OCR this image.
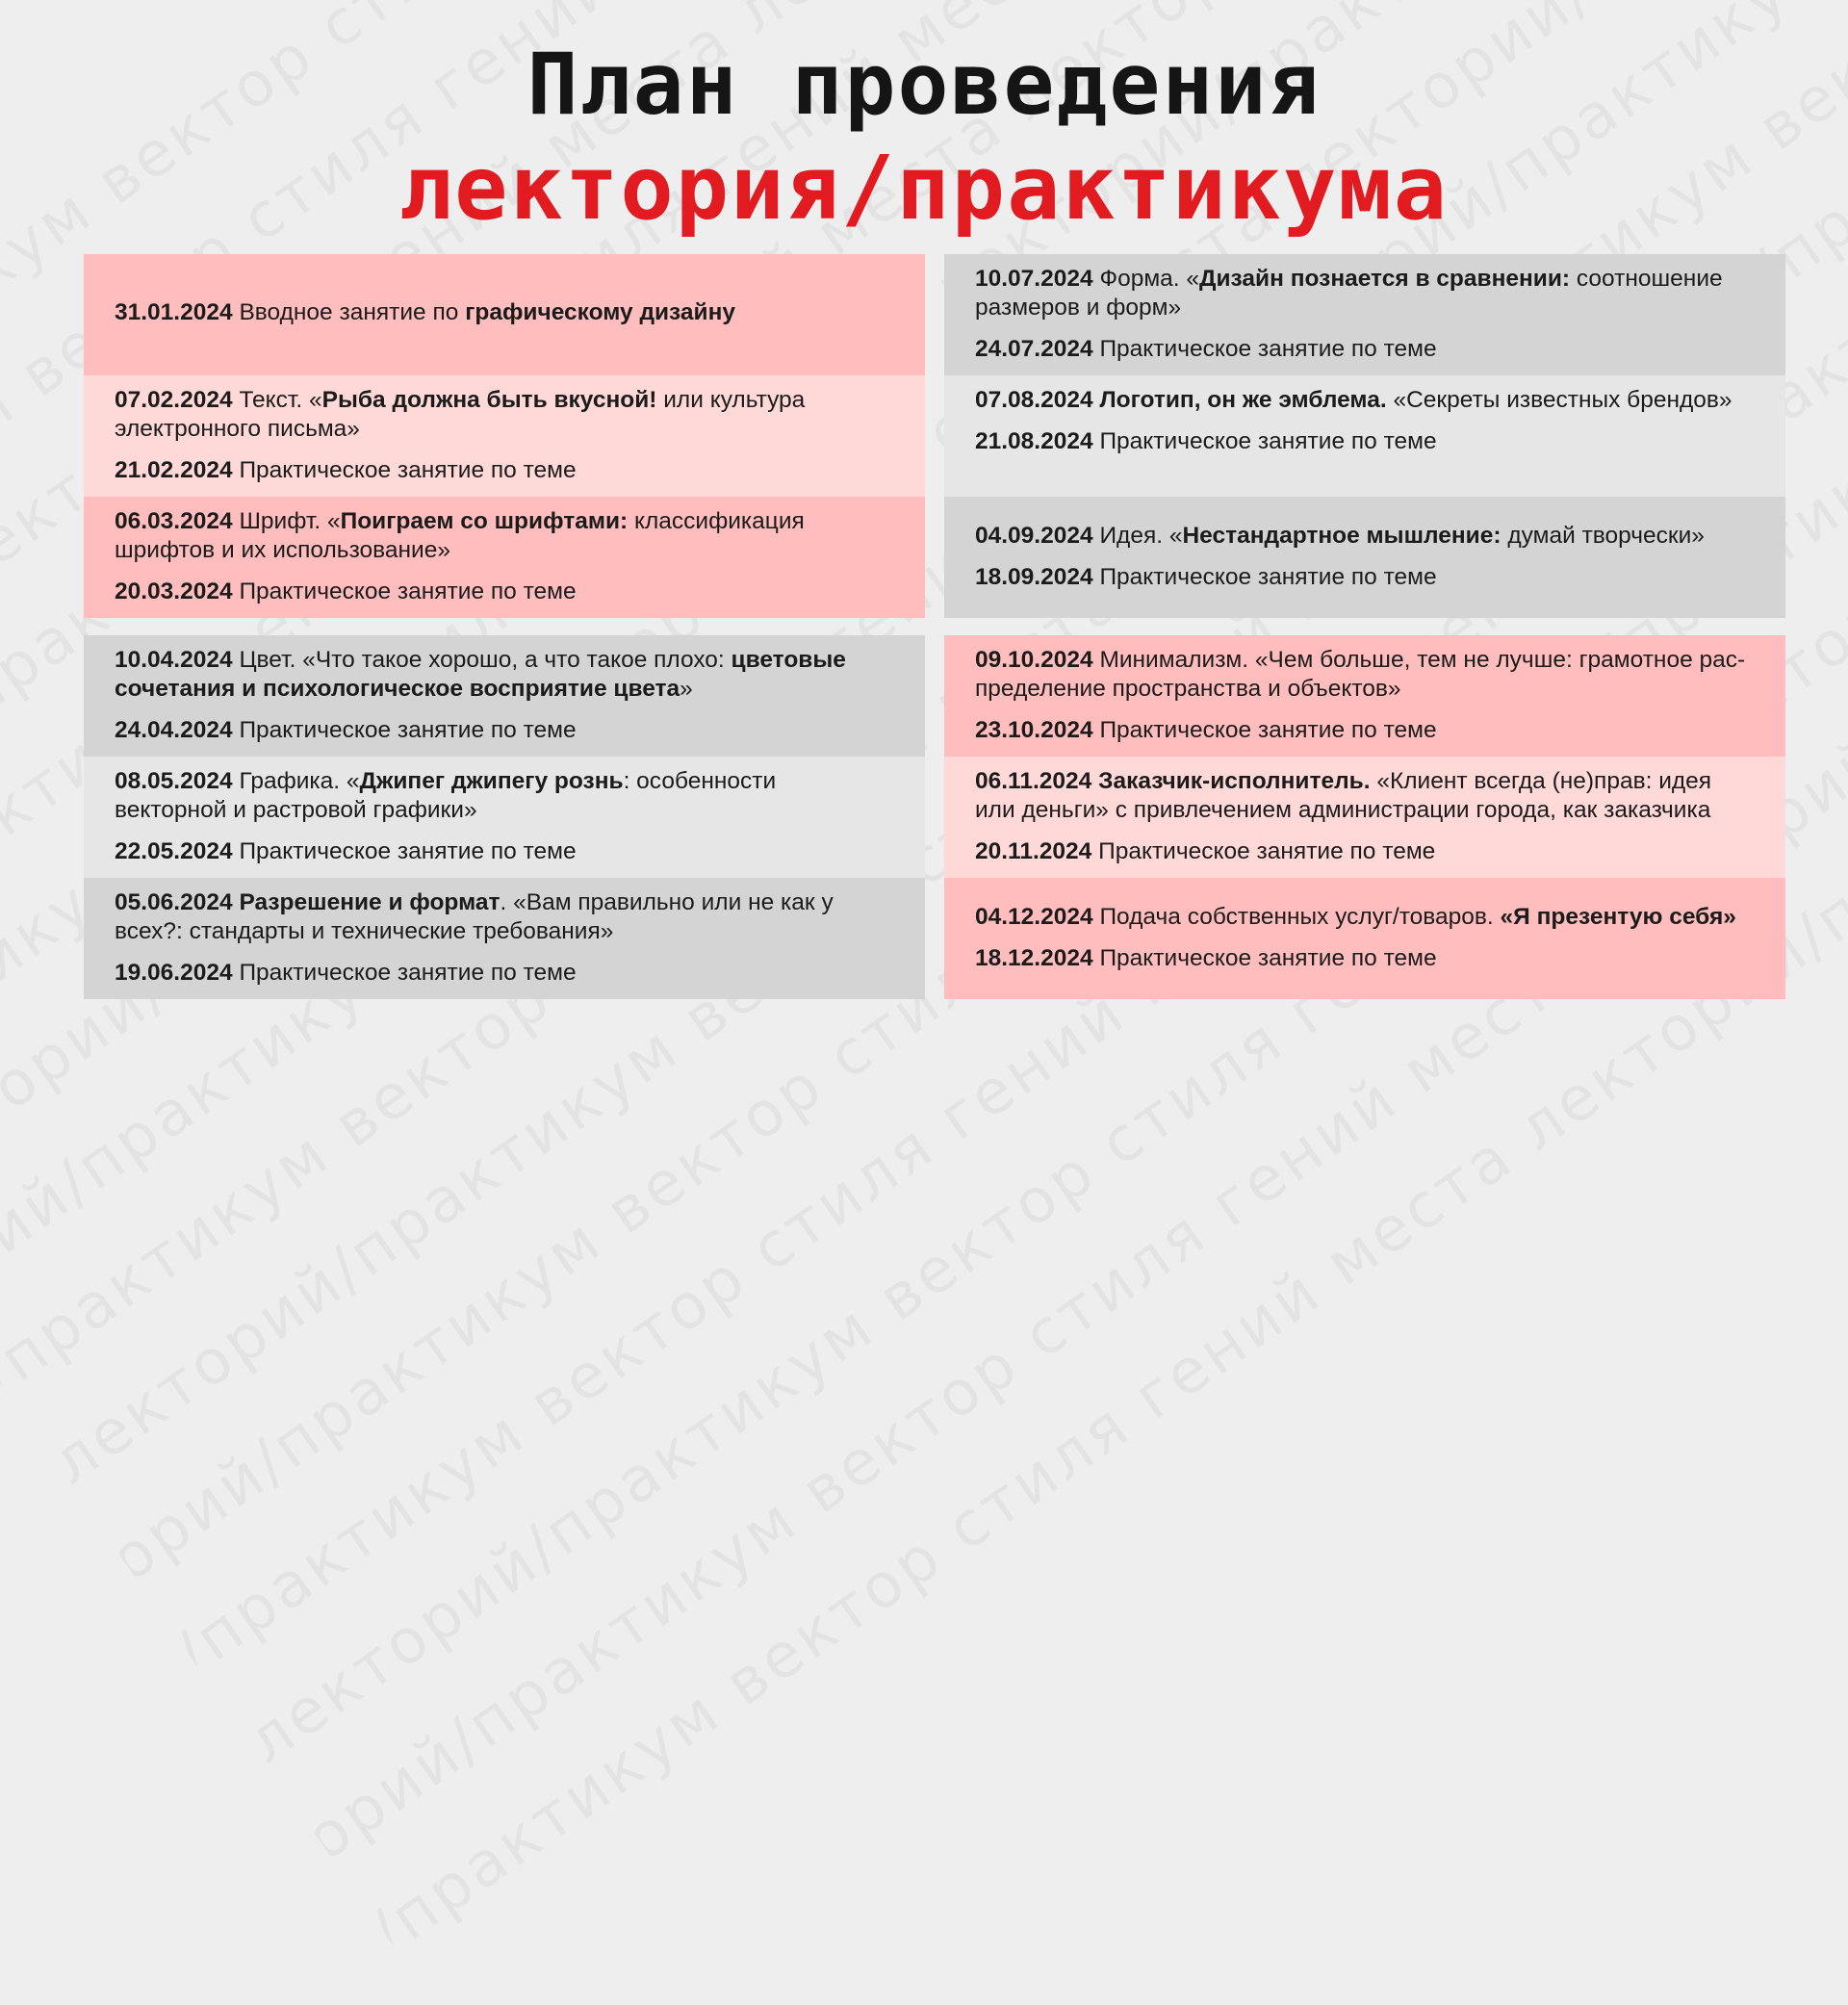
План проведения
лектория/практикума
31.01.2024 Вводное занятие по графическому дизайну
07.02.2024 Текст. «Рыба должна быть вкусной! или культура электронного письма»
21.02.2024 Практическое занятие по теме
06.03.2024 Шрифт. «Поиграем со шрифтами: классификация шрифтов и их использование»
20.03.2024 Практическое занятие по теме
10.04.2024 Цвет. «Что такое хорошо, а что такое плохо: цветовые сочетания и психологическое восприятие цвета»
24.04.2024 Практическое занятие по теме
08.05.2024 Графика. «Джипег джипегу рознь: особенности векторной и растровой графики»
22.05.2024 Практическое занятие по теме
05.06.2024 Разрешение и формат. «Вам правильно или не как у всех?: стандарты и технические требования»
19.06.2024 Практическое занятие по теме
10.07.2024 Форма. «Дизайн познается в сравнении: соотношение размеров и форм»
24.07.2024 Практическое занятие по теме
07.08.2024 Логотип, он же эмблема. «Секреты известных брендов»
21.08.2024 Практическое занятие по теме
04.09.2024 Идея. «Нестандартное мышление: думай творчески»
18.09.2024 Практическое занятие по теме
09.10.2024 Минимализм. «Чем больше, тем не лучше: грамотное рас-пределение пространства и объектов»
23.10.2024 Практическое занятие по теме
06.11.2024 Заказчик-исполнитель. «Клиент всегда (не)прав: идея или деньги» с привлечением администрации города, как заказчика
20.11.2024 Практическое занятие по теме
04.12.2024 Подача собственных услуг/товаров. «Я презентую себя»
18.12.2024 Практическое занятие по теме
